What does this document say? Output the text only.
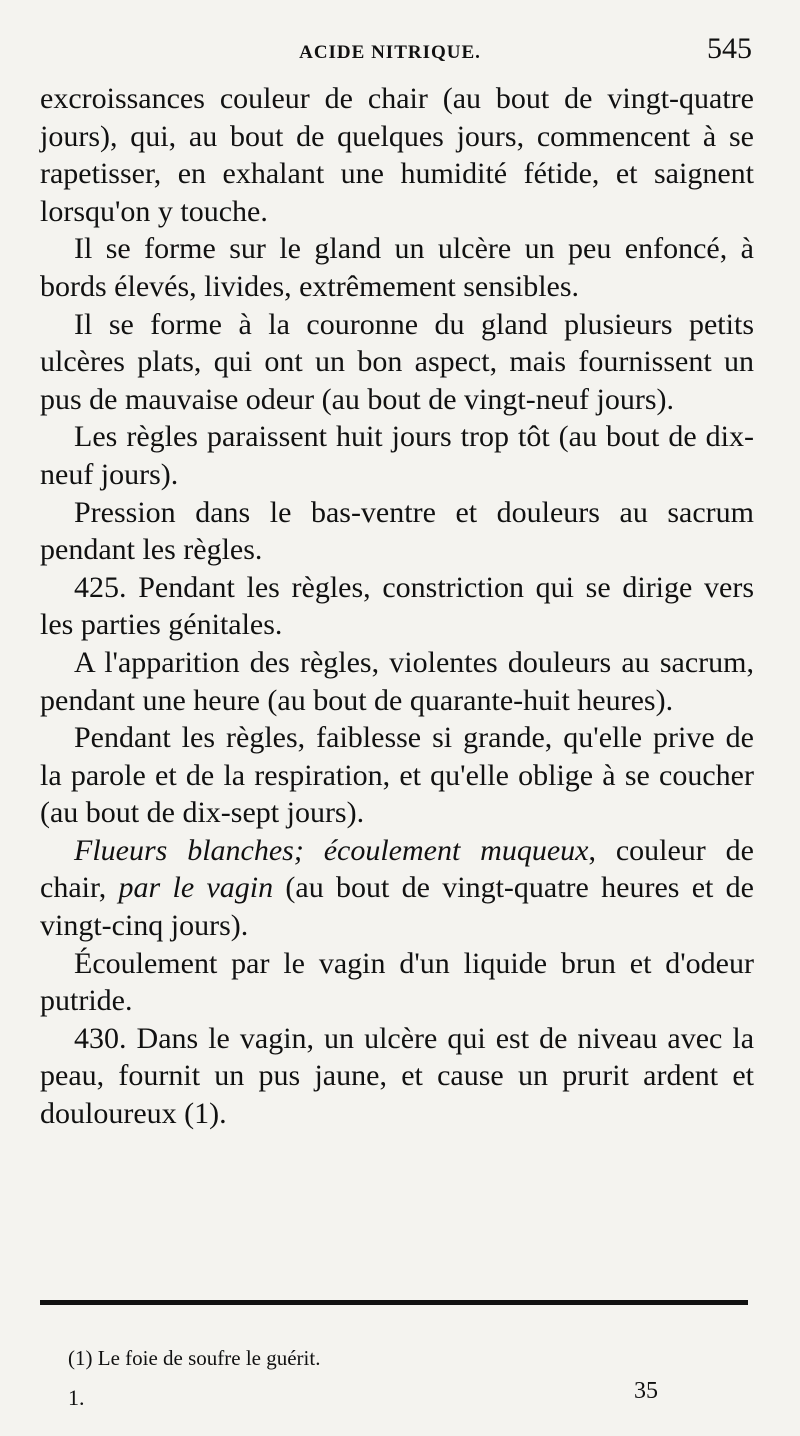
ACIDE NITRIQUE.	545

excroissances couleur de chair (au bout de vingt-quatre jours), qui, au bout de quelques jours, commencent à se rapetisser, en exhalant une humidité fétide, et saignent lorsqu'on y touche.

Il se forme sur le gland un ulcère un peu enfoncé, à bords élevés, livides, extrêmement sensibles.

Il se forme à la couronne du gland plusieurs petits ulcères plats, qui ont un bon aspect, mais fournissent un pus de mauvaise odeur (au bout de vingt-neuf jours).

Les règles paraissent huit jours trop tôt (au bout de dix-neuf jours).

Pression dans le bas-ventre et douleurs au sacrum pendant les règles.

425. Pendant les règles, constriction qui se dirige vers les parties génitales.

A l'apparition des règles, violentes douleurs au sacrum, pendant une heure (au bout de quarante-huit heures).

Pendant les règles, faiblesse si grande, qu'elle prive de la parole et de la respiration, et qu'elle oblige à se coucher (au bout de dix-sept jours).

Flueurs blanches; écoulement muqueux, couleur de chair, par le vagin (au bout de vingt-quatre heures et de vingt-cinq jours).

Écoulement par le vagin d'un liquide brun et d'odeur putride.

430. Dans le vagin, un ulcère qui est de niveau avec la peau, fournit un pus jaune, et cause un prurit ardent et douloureux (1).

(1) Le foie de soufre le guérit.
1.	35
